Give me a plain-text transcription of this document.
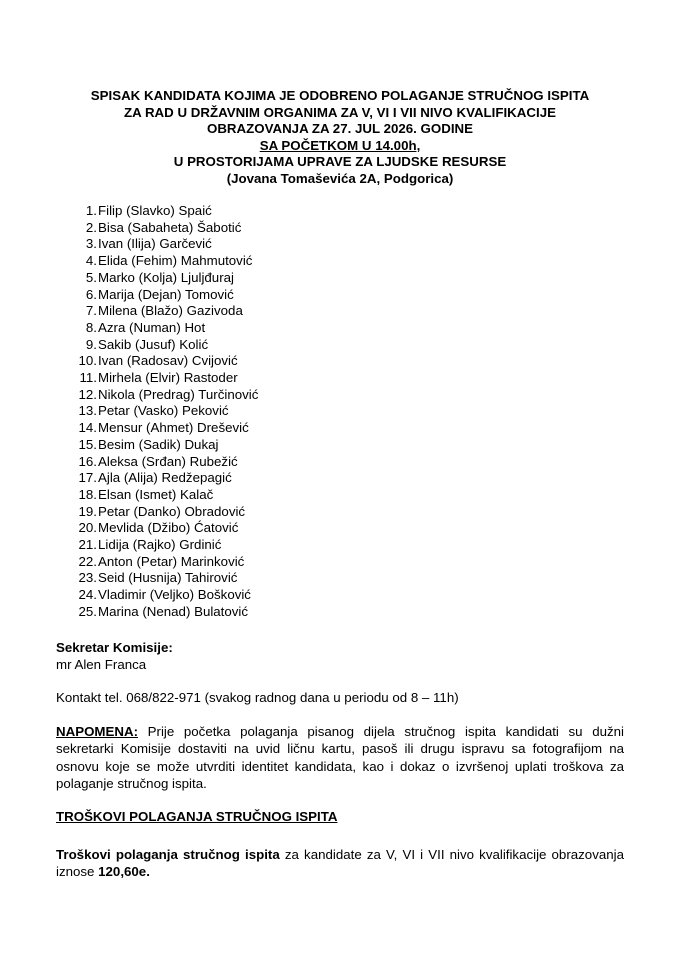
SPISAK KANDIDATA KOJIMA JE ODOBRENO POLAGANJE STRUČNOG ISPITA
ZA RAD U DRŽAVNIM ORGANIMA ZA V, VI I VII NIVO KVALIFIKACIJE
OBRAZOVANJA ZA 27. JUL 2026. GODINE
SA POČETKOM U 14.00h,
U PROSTORIJAMA UPRAVE ZA LJUDSKE RESURSE
(Jovana Tomaševića 2A, Podgorica)
1. Filip (Slavko) Spaić
2. Bisa (Sabaheta) Šabotić
3. Ivan (Ilija) Garčević
4. Elida (Fehim) Mahmutović
5. Marko (Kolja) Ljuljđuraj
6. Marija (Dejan) Tomović
7. Milena (Blažo) Gazivoda
8. Azra (Numan) Hot
9. Sakib (Jusuf) Kolić
10. Ivan (Radosav) Cvijović
11. Mirhela (Elvir) Rastoder
12. Nikola (Predrag) Turčinović
13. Petar (Vasko) Peković
14. Mensur (Ahmet) Drešević
15. Besim (Sadik) Dukaj
16. Aleksa (Srđan) Rubežić
17. Ajla (Alija) Redžepagić
18. Elsan (Ismet) Kalač
19. Petar (Danko) Obradović
20. Mevlida (Džibo) Ćatović
21. Lidija (Rajko) Grdinić
22. Anton (Petar) Marinković
23. Seid (Husnija) Tahirović
24. Vladimir (Veljko) Bošković
25. Marina (Nenad) Bulatović
Sekretar Komisije:
mr Alen Franca
Kontakt tel. 068/822-971 (svakog radnog dana u periodu od 8 – 11h)
NAPOMENA: Prije početka polaganja pisanog dijela stručnog ispita kandidati su dužni sekretarki Komisije dostaviti na uvid ličnu kartu, pasoš ili drugu ispravu sa fotografijom na osnovu koje se može utvrditi identitet kandidata, kao i dokaz o izvršenoj uplati troškova za polaganje stručnog ispita.
TROŠKOVI POLAGANJA STRUČNOG ISPITA
Troškovi polaganja stručnog ispita za kandidate za V, VI i VII nivo kvalifikacije obrazovanja iznose 120,60e.
